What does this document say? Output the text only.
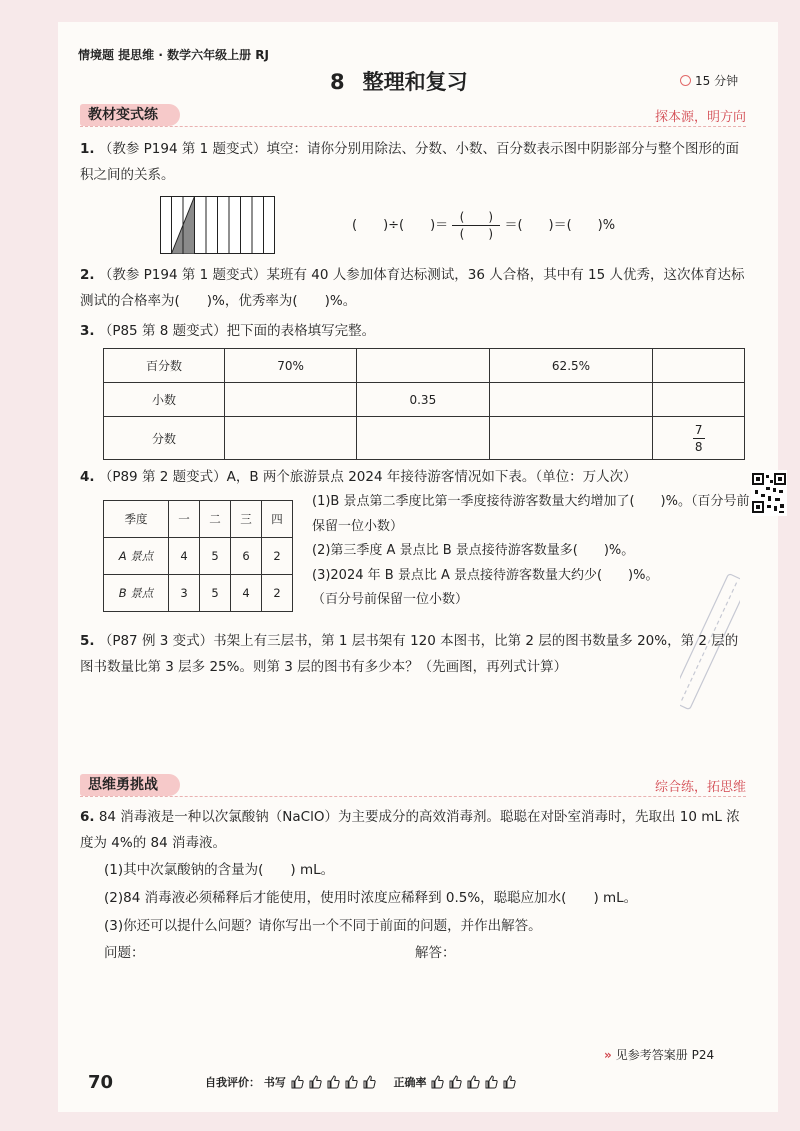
情境题 提思维 · 数学六年级上册 RJ
8 整理和复习	15 分钟
教材变式练	探本源，明方向
1. （教参 P194 第 1 题变式）填空：请你分别用除法、分数、小数、百分数表示图中阴影部分与整个图形的面积之间的关系。
(　　)÷(　　)＝ $\frac{( )}{( )}$ ＝(　　)＝(　　)%
2. （教参 P194 第 1 题变式）某班有 40 人参加体育达标测试，36 人合格，其中有 15 人优秀，这次体育达标测试的合格率为(　　)%，优秀率为(　　)%。
3. （P85 第 8 题变式）把下面的表格填写完整。
百分数	70%		62.5%	
小数		0.35		
分数				$\frac{7}{8}$
4. （P89 第 2 题变式）A，B 两个旅游景点 2024 年接待游客情况如下表。（单位：万人次）
季度	一	二	三	四
A 景点	4	5	6	2
B 景点	3	5	4	2
(1)B 景点第二季度比第一季度接待游客数量大约增加了(　　)%。（百分号前保留一位小数）
(2)第三季度 A 景点比 B 景点接待游客数量多(　　)%。
(3)2024 年 B 景点比 A 景点接待游客数量大约少(　　)%。
（百分号前保留一位小数）
5. （P87 例 3 变式）书架上有三层书，第 1 层书架有 120 本图书，比第 2 层的图书数量多 20%，第 2 层的图书数量比第 3 层多 25%。则第 3 层的图书有多少本？（先画图，再列式计算）
思维勇挑战	综合练，拓思维
6. 84 消毒液是一种以次氯酸钠（NaClO）为主要成分的高效消毒剂。聪聪在对卧室消毒时，先取出 10 mL 浓度为 4%的 84 消毒液。
(1)其中次氯酸钠的含量为(　　) mL。
(2)84 消毒液必须稀释后才能使用，使用时浓度应稀释到 0.5%，聪聪应加水(　　) mL。
(3)你还可以提什么问题？请你写出一个不同于前面的问题，并作出解答。
问题：	解答：
» 见参考答案册 P24
70	自我评价： 书写	正确率
